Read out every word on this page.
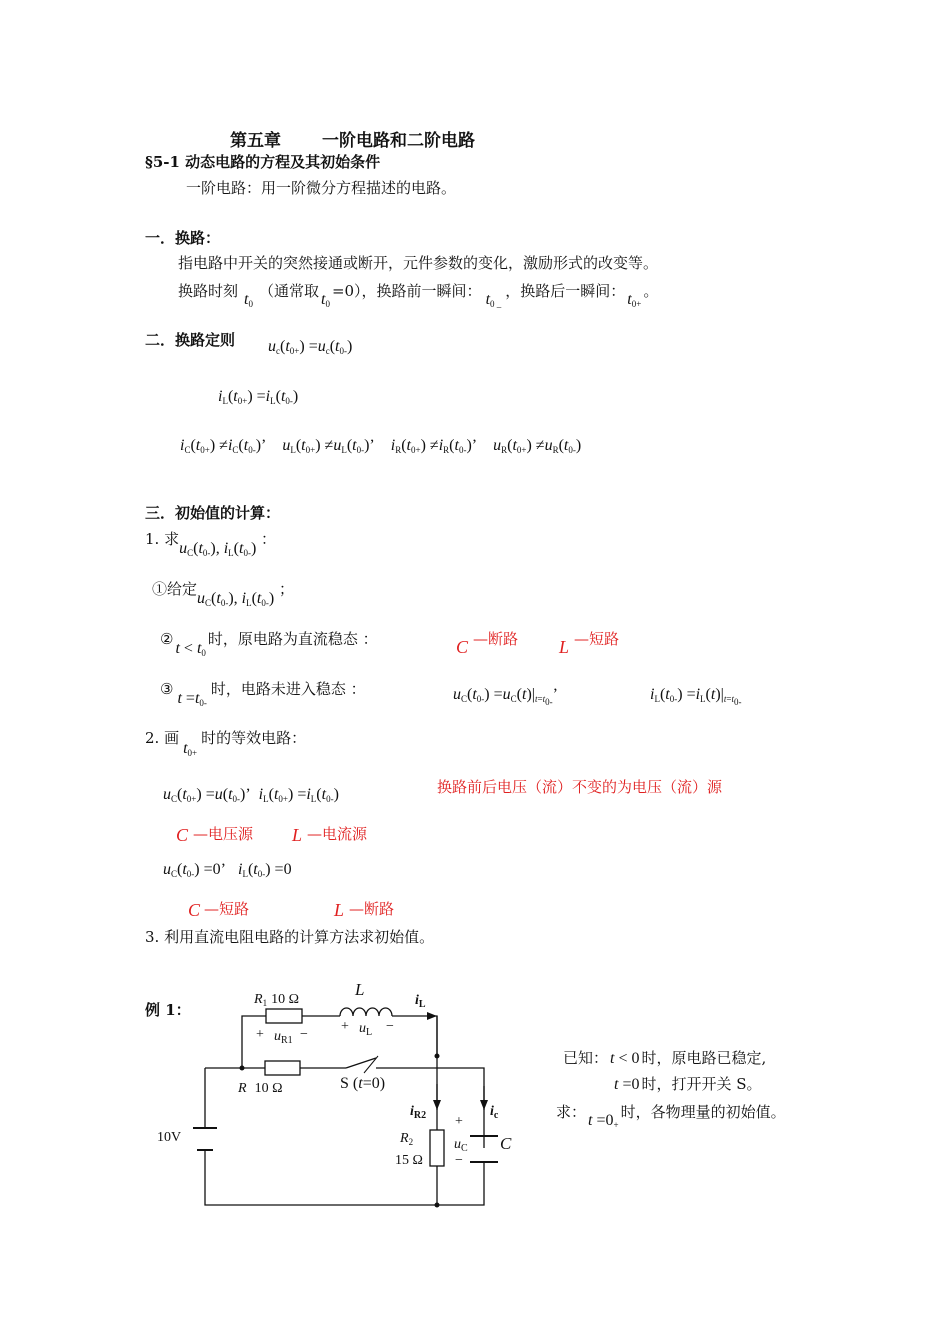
第五章 一阶电路和二阶电路
§5-1 动态电路的方程及其初始条件
一阶电路：用一阶微分方程描述的电路。
一．换路：
指电路中开关的突然接通或断开，元件参数的变化，激励形式的改变等。
换路时刻 $t_0$（通常取 $t_0=0$），换路前一瞬间： $t_{0 \_}$，换路后一瞬间： $t_{0+}$。
二．换路定则 $u_c(t_{0+}) =u_c(t_{0-})$
$i_L(t_{0+}) =i_L(t_{0-})$
$i_C(t_{0+}) \ne i_C(t_{0-})$’    $u_L(t_{0+}) \ne u_L(t_{0-})$’    $i_R(t_{0+}) \ne i_R(t_{0-})$’    $u_R(t_{0+}) \ne u_R(t_{0-})$
三．初始值的计算：
1. 求$u_C(t_{0-})$, $i_L(t_{0-})$ ：
①给定$u_C(t_{0-})$, $i_L(t_{0-})$ ；
②t < $t_0$时，原电路为直流稳态 ：	C —断路 L —短路
③t $=t_{0-}$时，电路未进入稳态 ：	$u_C(t_{0-}) =u_C(t)|_{t=t_{0-}}$’	$i_L(t_{0-}) =i_L(t)|_{t=t_{0-}}$
2. 画$t_{0+}$时的等效电路：
$u_C(t_{0+}) =u(t_{0-})$’  $i_L(t_{0+}) =i_L(t_{0-})$	换路前后电压（流）不变的为电压（流）源
C —电压源 L —电流源
$u_C(t_{0-}) =0$’   $i_L(t_{0-}) =0$
C —短路	L —断路
3. 利用直流电阻电路的计算方法求初始值。
例 1：
已知： t < 0 时，原电路已稳定,
t =0 时，打开开关 S。
求： $t =0_+$时，各物理量的初始值。
$R_1$ 10 Ω
L
$i_L$
+ $u_{R1}$ −
+ $u_L$ −
R 10 Ω	S (t=0)
$i_{R2}$	$i_c$
+
$R_2$	$u_C$ C
15 Ω −
10V
